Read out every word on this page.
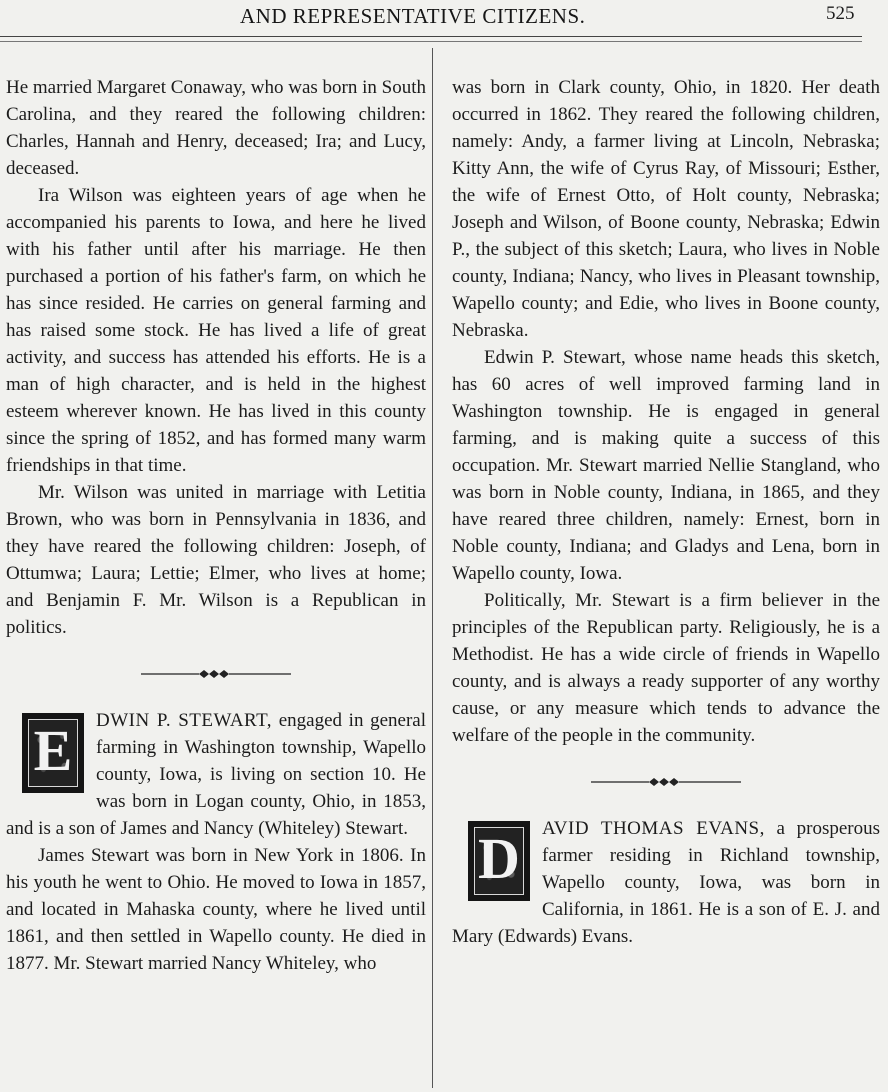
AND REPRESENTATIVE CITIZENS.	525

He married Margaret Conaway, who was born in South Carolina, and they reared the following children: Charles, Hannah and Henry, deceased; Ira; and Lucy, deceased.

Ira Wilson was eighteen years of age when he accompanied his parents to Iowa, and here he lived with his father until after his marriage. He then purchased a portion of his father's farm, on which he has since resided. He carries on general farming and has raised some stock. He has lived a life of great activity, and success has attended his efforts. He is a man of high character, and is held in the highest esteem wherever known. He has lived in this county since the spring of 1852, and has formed many warm friendships in that time.

Mr. Wilson was united in marriage with Letitia Brown, who was born in Pennsylvania in 1836, and they have reared the following children: Joseph, of Ottumwa; Laura; Lettie; Elmer, who lives at home; and Benjamin F. Mr. Wilson is a Republican in politics.

E	DWIN P. STEWART, engaged in general farming in Washington township, Wapello county, Iowa, is living on section 10. He was born in Logan county, Ohio, in 1853, and is a son of James and Nancy (Whiteley) Stewart.

James Stewart was born in New York in 1806. In his youth he went to Ohio. He moved to Iowa in 1857, and located in Mahaska county, where he lived until 1861, and then settled in Wapello county. He died in 1877. Mr. Stewart married Nancy Whiteley, who

was born in Clark county, Ohio, in 1820. Her death occurred in 1862. They reared the following children, namely: Andy, a farmer living at Lincoln, Nebraska; Kitty Ann, the wife of Cyrus Ray, of Missouri; Esther, the wife of Ernest Otto, of Holt county, Nebraska; Joseph and Wilson, of Boone county, Nebraska; Edwin P., the subject of this sketch; Laura, who lives in Noble county, Indiana; Nancy, who lives in Pleasant township, Wapello county; and Edie, who lives in Boone county, Nebraska.

Edwin P. Stewart, whose name heads this sketch, has 60 acres of well improved farming land in Washington township. He is engaged in general farming, and is making quite a success of this occupation. Mr. Stewart married Nellie Stangland, who was born in Noble county, Indiana, in 1865, and they have reared three children, namely: Ernest, born in Noble county, Indiana; and Gladys and Lena, born in Wapello county, Iowa.

Politically, Mr. Stewart is a firm believer in the principles of the Republican party. Religiously, he is a Methodist. He has a wide circle of friends in Wapello county, and is always a ready supporter of any worthy cause, or any measure which tends to advance the welfare of the people in the community.

D	AVID THOMAS EVANS, a prosperous farmer residing in Richland township, Wapello county, Iowa, was born in California, in 1861. He is a son of E. J. and Mary (Edwards) Evans.
